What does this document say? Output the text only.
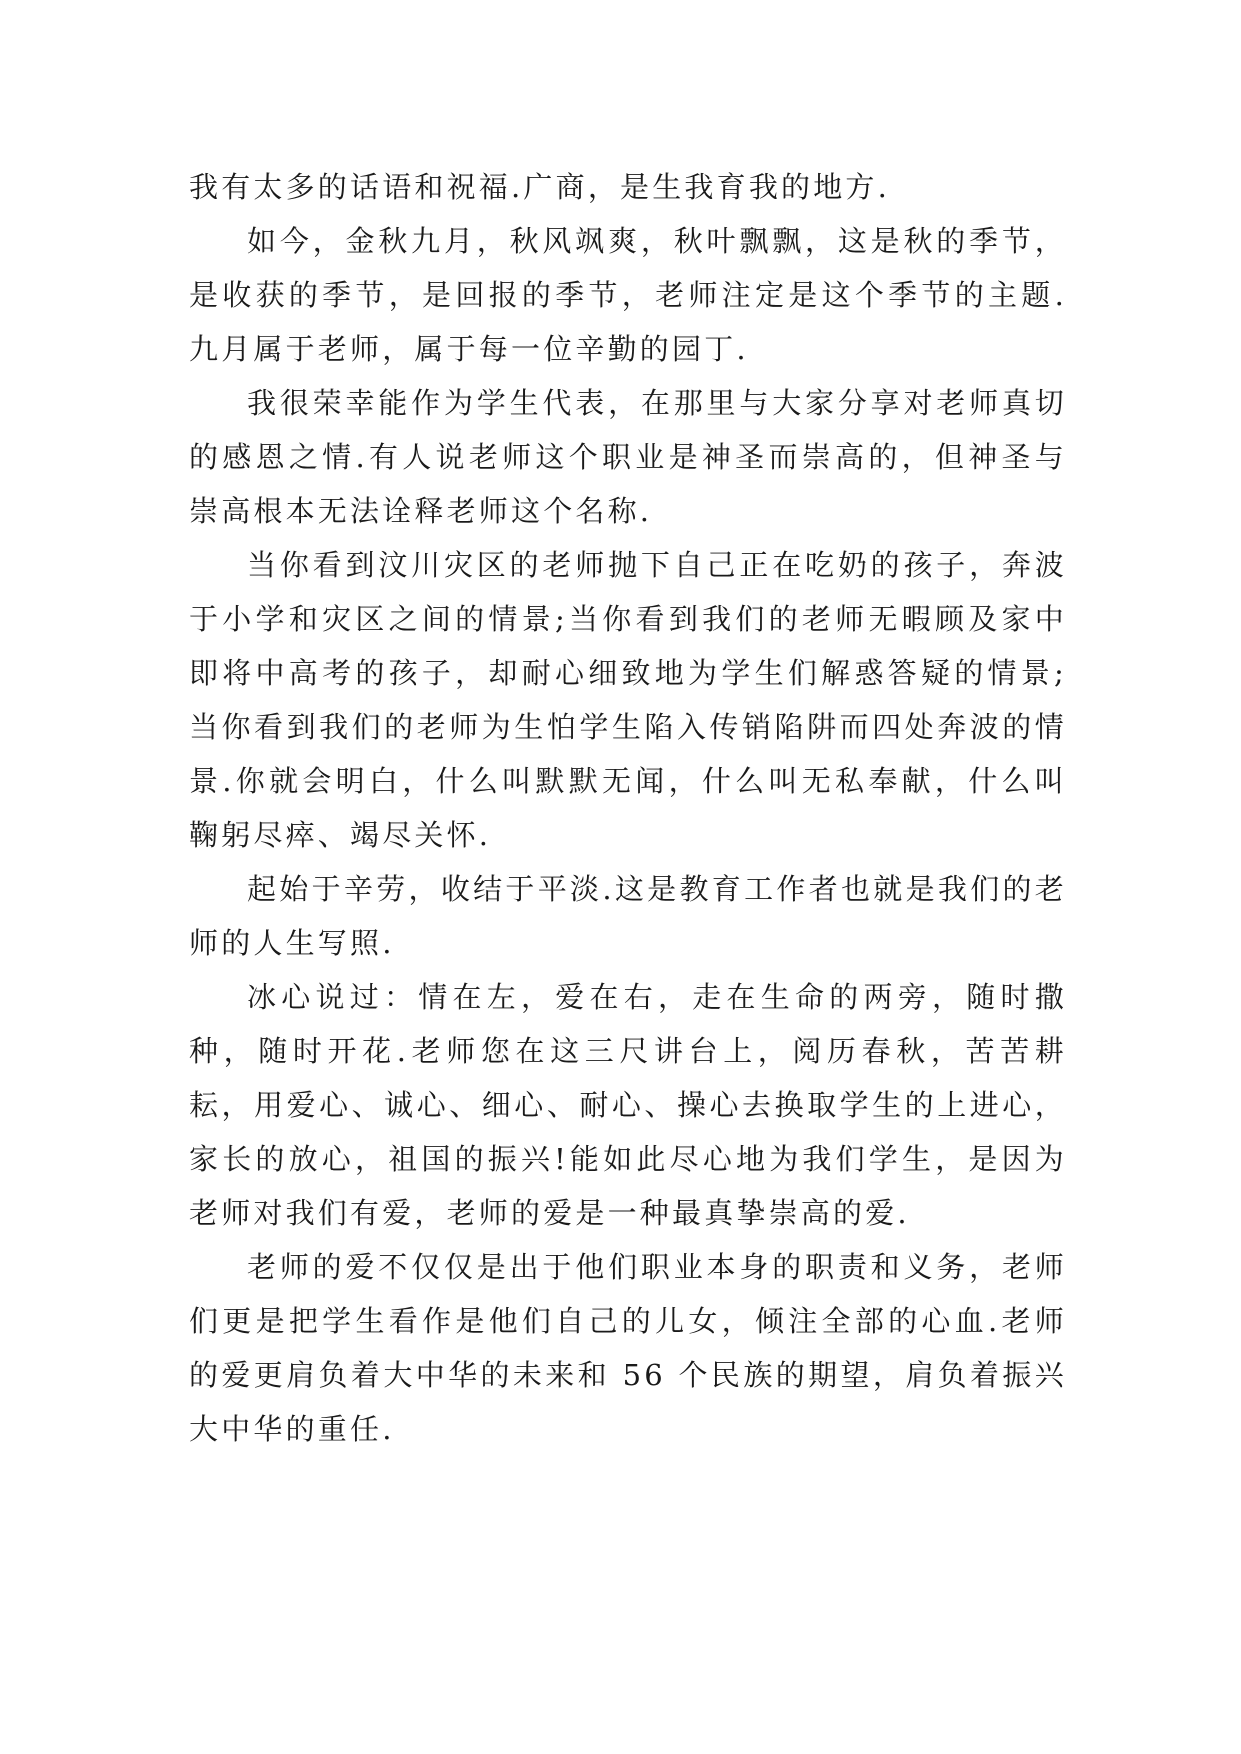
我有太多的话语和祝福.广商，是生我育我的地方.

如今，金秋九月，秋风飒爽，秋叶飘飘，这是秋的季节，是收获的季节，是回报的季节，老师注定是这个季节的主题.九月属于老师，属于每一位辛勤的园丁.

我很荣幸能作为学生代表，在那里与大家分享对老师真切的感恩之情.有人说老师这个职业是神圣而崇高的，但神圣与崇高根本无法诠释老师这个名称.

当你看到汶川灾区的老师抛下自己正在吃奶的孩子，奔波于小学和灾区之间的情景;当你看到我们的老师无暇顾及家中即将中高考的孩子，却耐心细致地为学生们解惑答疑的情景;当你看到我们的老师为生怕学生陷入传销陷阱而四处奔波的情景.你就会明白，什么叫默默无闻，什么叫无私奉献，什么叫鞠躬尽瘁、竭尽关怀.

起始于辛劳，收结于平淡.这是教育工作者也就是我们的老师的人生写照.

冰心说过：情在左，爱在右，走在生命的两旁，随时撒种，随时开花.老师您在这三尺讲台上，阅历春秋，苦苦耕耘，用爱心、诚心、细心、耐心、操心去换取学生的上进心，家长的放心，祖国的振兴!能如此尽心地为我们学生，是因为老师对我们有爱，老师的爱是一种最真挚崇高的爱.

老师的爱不仅仅是出于他们职业本身的职责和义务，老师们更是把学生看作是他们自己的儿女，倾注全部的心血.老师的爱更肩负着大中华的未来和 56 个民族的期望，肩负着振兴大中华的重任.
